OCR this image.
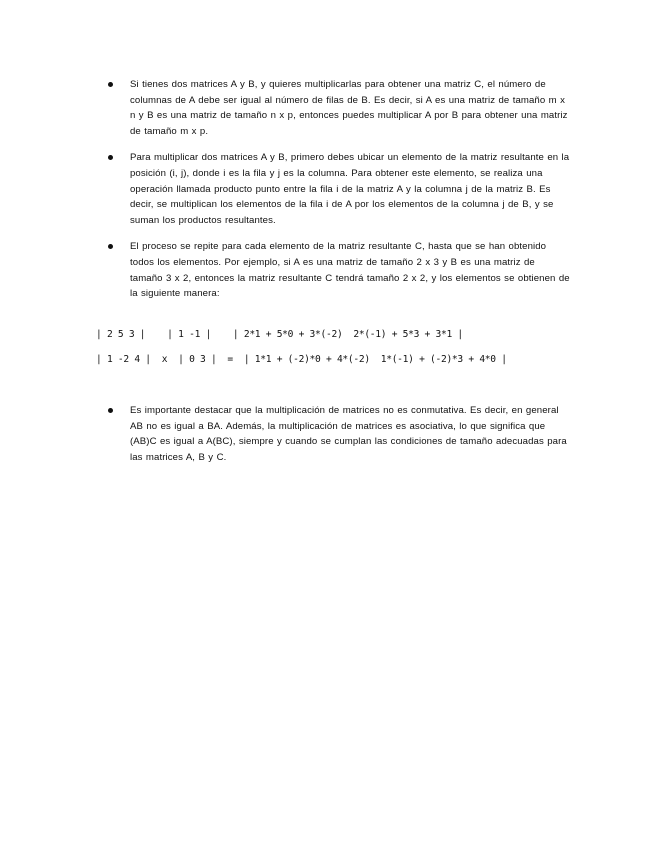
Si tienes dos matrices A y B, y quieres multiplicarlas para obtener una matriz C, el número de columnas de A debe ser igual al número de filas de B. Es decir, si A es una matriz de tamaño m x n y B es una matriz de tamaño n x p, entonces puedes multiplicar A por B para obtener una matriz de tamaño m x p.
Para multiplicar dos matrices A y B, primero debes ubicar un elemento de la matriz resultante en la posición (i, j), donde i es la fila y j es la columna. Para obtener este elemento, se realiza una operación llamada producto punto entre la fila i de la matriz A y la columna j de la matriz B. Es decir, se multiplican los elementos de la fila i de A por los elementos de la columna j de B, y se suman los productos resultantes.
El proceso se repite para cada elemento de la matriz resultante C, hasta que se han obtenido todos los elementos. Por ejemplo, si A es una matriz de tamaño 2 x 3 y B es una matriz de tamaño 3 x 2, entonces la matriz resultante C tendrá tamaño 2 x 2, y los elementos se obtienen de la siguiente manera:

| 2 5 3 |    | 1 -1 |    | 2*1 + 5*0 + 3*(-2)  2*(-1) + 5*3 + 3*1 |

| 1 -2 4 |  x  | 0 3 |  =  | 1*1 + (-2)*0 + 4*(-2)  1*(-1) + (-2)*3 + 4*0 |

Es importante destacar que la multiplicación de matrices no es conmutativa. Es decir, en general AB no es igual a BA. Además, la multiplicación de matrices es asociativa, lo que significa que (AB)C es igual a A(BC), siempre y cuando se cumplan las condiciones de tamaño adecuadas para las matrices A, B y C.
